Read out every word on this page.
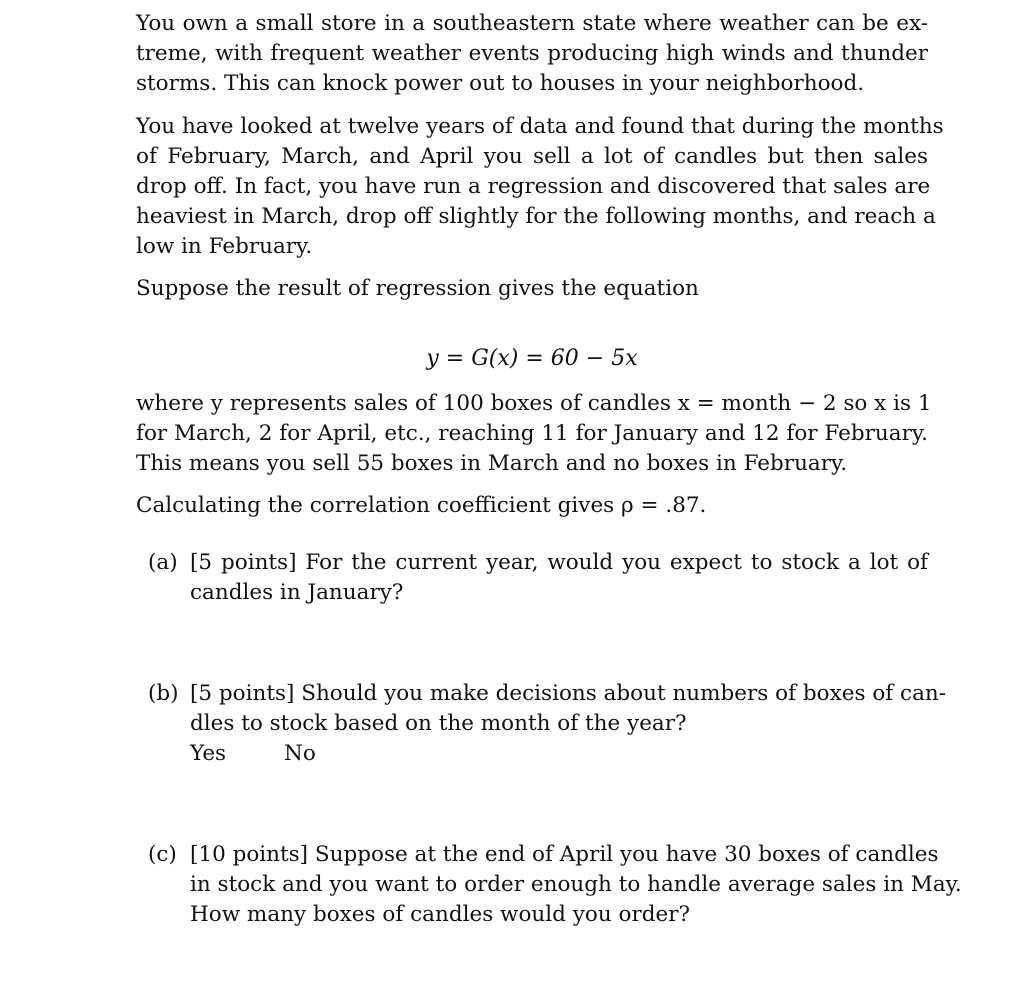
You own a small store in a southeastern state where weather can be ex-
treme, with frequent weather events producing high winds and thunder
storms. This can knock power out to houses in your neighborhood.
You have looked at twelve years of data and found that during the months
of February, March, and April you sell a lot of candles but then sales
drop off. In fact, you have run a regression and discovered that sales are
heaviest in March, drop off slightly for the following months, and reach a
low in February.
Suppose the result of regression gives the equation
y = G(x) = 60 − 5x
where y represents sales of 100 boxes of candles x = month − 2 so x is 1
for March, 2 for April, etc., reaching 11 for January and 12 for February.
This means you sell 55 boxes in March and no boxes in February.
Calculating the correlation coefficient gives ρ = .87.
(a) [5 points] For the current year, would you expect to stock a lot of
candles in January?
(b) [5 points] Should you make decisions about numbers of boxes of can-
dles to stock based on the month of the year?
Yes	No
(c) [10 points] Suppose at the end of April you have 30 boxes of candles
in stock and you want to order enough to handle average sales in May.
How many boxes of candles would you order?
